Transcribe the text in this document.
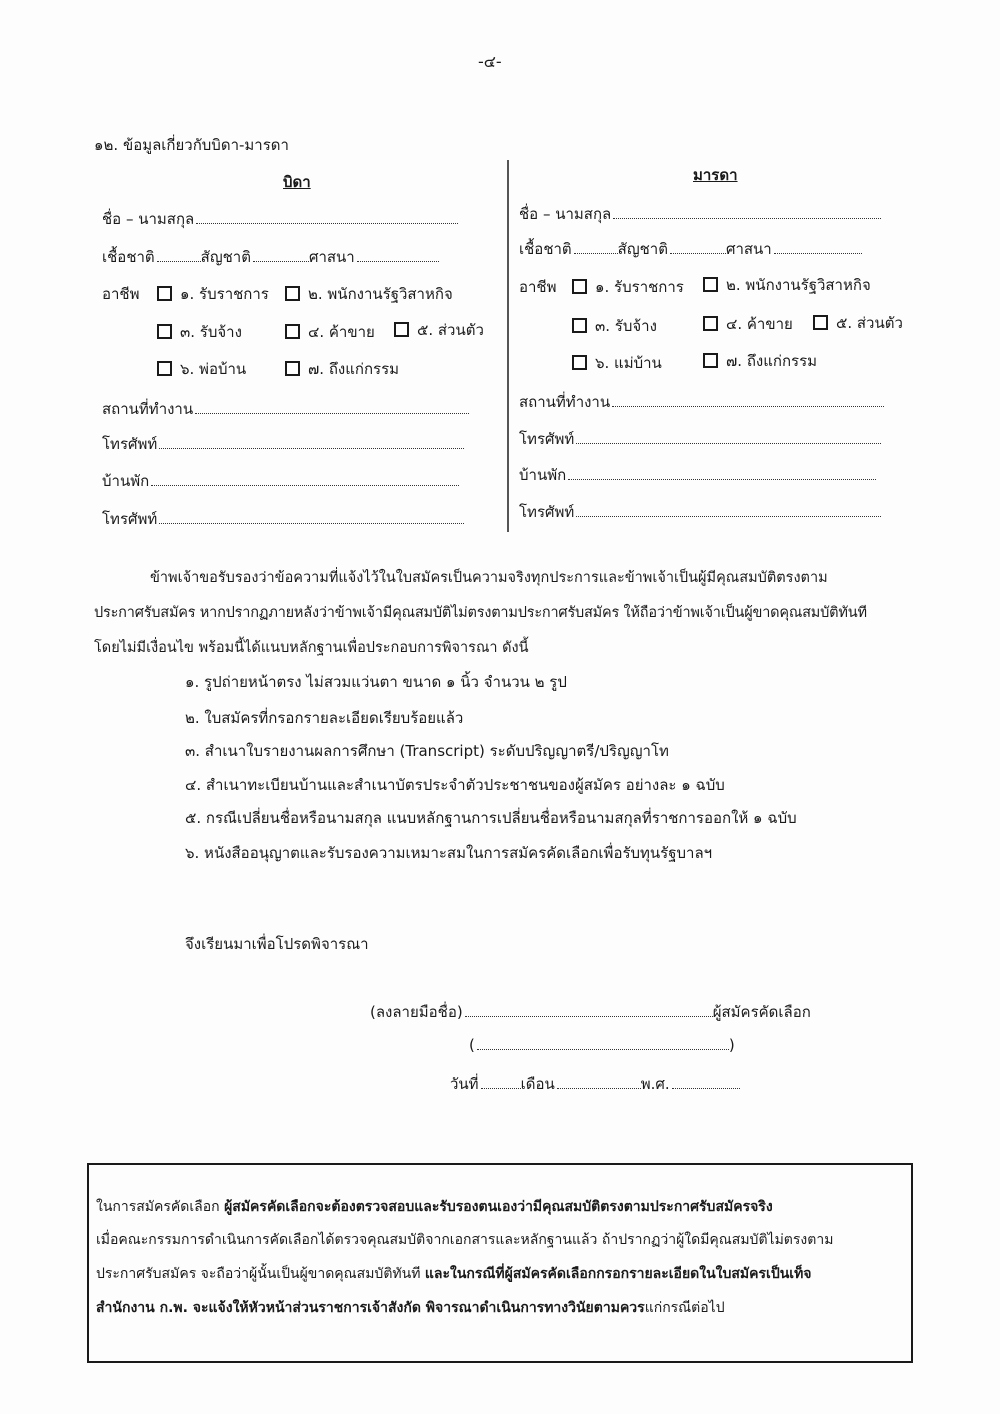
-๔-
๑๒. ข้อมูลเกี่ยวกับบิดา-มารดา
บิดา
ชื่อ – นามสกุล
เชื้อชาติ	สัญชาติ	ศาสนา
อาชีพ	๑. รับราชการ	๒. พนักงานรัฐวิสาหกิจ
๓. รับจ้าง	๔. ค้าขาย	๕. ส่วนตัว
๖. พ่อบ้าน	๗. ถึงแก่กรรม
สถานที่ทำงาน
โทรศัพท์
บ้านพัก
โทรศัพท์
มารดา
ชื่อ – นามสกุล
เชื้อชาติ	สัญชาติ	ศาสนา
อาชีพ	๑. รับราชการ	๒. พนักงานรัฐวิสาหกิจ
๓. รับจ้าง	๔. ค้าขาย	๕. ส่วนตัว
๖. แม่บ้าน	๗. ถึงแก่กรรม
สถานที่ทำงาน
โทรศัพท์
บ้านพัก
โทรศัพท์
ข้าพเจ้าขอรับรองว่าข้อความที่แจ้งไว้ในใบสมัครเป็นความจริงทุกประการและข้าพเจ้าเป็นผู้มีคุณสมบัติตรงตาม
ประกาศรับสมัคร หากปรากฏภายหลังว่าข้าพเจ้ามีคุณสมบัติไม่ตรงตามประกาศรับสมัคร ให้ถือว่าข้าพเจ้าเป็นผู้ขาดคุณสมบัติทันที
โดยไม่มีเงื่อนไข พร้อมนี้ได้แนบหลักฐานเพื่อประกอบการพิจารณา ดังนี้
๑. รูปถ่ายหน้าตรง ไม่สวมแว่นตา ขนาด ๑ นิ้ว จำนวน ๒ รูป
๒. ใบสมัครที่กรอกรายละเอียดเรียบร้อยแล้ว
๓. สำเนาใบรายงานผลการศึกษา (Transcript) ระดับปริญญาตรี/ปริญญาโท
๔. สำเนาทะเบียนบ้านและสำเนาบัตรประจำตัวประชาชนของผู้สมัคร อย่างละ ๑ ฉบับ
๕. กรณีเปลี่ยนชื่อหรือนามสกุล แนบหลักฐานการเปลี่ยนชื่อหรือนามสกุลที่ราชการออกให้ ๑ ฉบับ
๖. หนังสืออนุญาตและรับรองความเหมาะสมในการสมัครคัดเลือกเพื่อรับทุนรัฐบาลฯ
จึงเรียนมาเพื่อโปรดพิจารณา
(ลงลายมือชื่อ)	ผู้สมัครคัดเลือก
(	)
วันที่	เดือน	พ.ศ.
ในการสมัครคัดเลือก ผู้สมัครคัดเลือกจะต้องตรวจสอบและรับรองตนเองว่ามีคุณสมบัติตรงตามประกาศรับสมัครจริง
เมื่อคณะกรรมการดำเนินการคัดเลือกได้ตรวจคุณสมบัติจากเอกสารและหลักฐานแล้ว ถ้าปรากฏว่าผู้ใดมีคุณสมบัติไม่ตรงตาม
ประกาศรับสมัคร จะถือว่าผู้นั้นเป็นผู้ขาดคุณสมบัติทันที และในกรณีที่ผู้สมัครคัดเลือกกรอกรายละเอียดในใบสมัครเป็นเท็จ
สำนักงาน ก.พ. จะแจ้งให้หัวหน้าส่วนราชการเจ้าสังกัด พิจารณาดำเนินการทางวินัยตามควรแก่กรณีต่อไป
